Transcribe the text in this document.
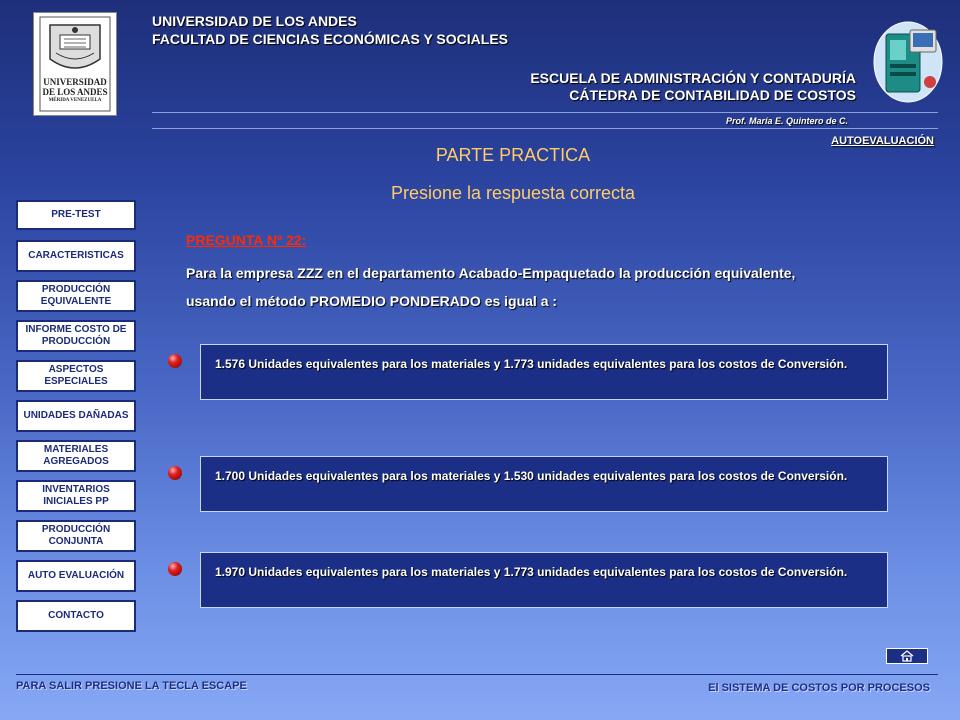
UNIVERSIDAD
DE LOS ANDES
MÉRIDA VENEZUELA
UNIVERSIDAD DE LOS ANDES
FACULTAD DE CIENCIAS ECONÓMICAS Y SOCIALES
ESCUELA DE ADMINISTRACIÓN Y CONTADURÍA
CÁTEDRA DE CONTABILIDAD DE COSTOS
Prof. María E. Quintero de C.
AUTOEVALUACIÓN
PARTE PRACTICA
Presione la respuesta correcta
PREGUNTA Nº 22:
Para la empresa ZZZ en el departamento Acabado-Empaquetado la producción equivalente,
usando el método PROMEDIO PONDERADO es igual a :
1.576 Unidades equivalentes para los materiales y 1.773 unidades equivalentes para los costos de Conversión.
1.700 Unidades equivalentes para los materiales y 1.530 unidades equivalentes para los costos de Conversión.
1.970 Unidades equivalentes para los materiales y 1.773 unidades equivalentes para los costos de Conversión.
PRE-TEST
CARACTERISTICAS
PRODUCCIÓN EQUIVALENTE
INFORME COSTO DE PRODUCCIÓN
ASPECTOS ESPECIALES
UNIDADES DAÑADAS
MATERIALES AGREGADOS
INVENTARIOS INICIALES PP
PRODUCCIÓN CONJUNTA
AUTO EVALUACIÓN
CONTACTO
PARA SALIR PRESIONE LA TECLA ESCAPE	El SISTEMA DE COSTOS POR PROCESOS
